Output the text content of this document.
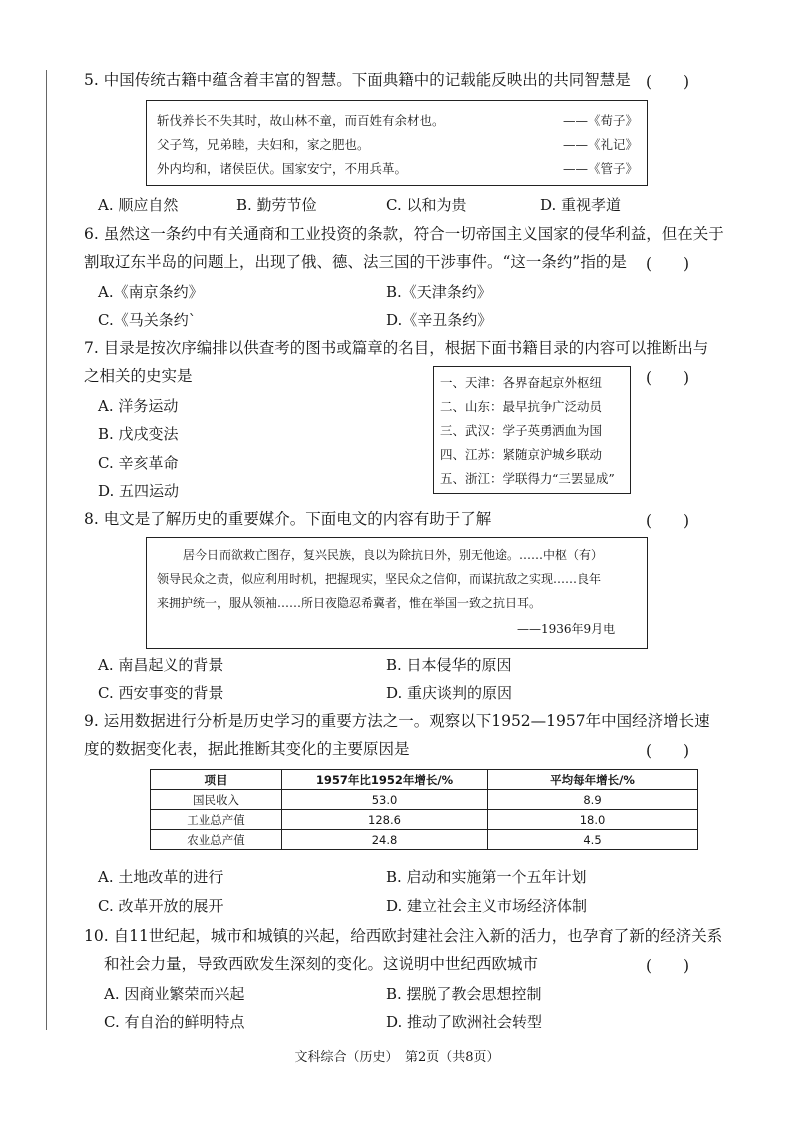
5. 中国传统古籍中蕴含着丰富的智慧。下面典籍中的记载能反映出的共同智慧是 (　　)
斩伐养长不失其时，故山林不童，而百姓有余材也。	——《荀子》
父子笃，兄弟睦，夫妇和，家之肥也。	——《礼记》
外内均和，诸侯臣伏。国家安宁，不用兵革。	——《管子》
A. 顺应自然	B. 勤劳节俭	C. 以和为贵	D. 重视孝道
6. 虽然这一条约中有关通商和工业投资的条款，符合一切帝国主义国家的侵华利益，但在关于
割取辽东半岛的问题上，出现了俄、德、法三国的干涉事件。“这一条约”指的是 (　　)
A.《南京条约》	B.《天津条约》
C.《马关条约`	D.《辛丑条约》
7. 目录是按次序编排以供查考的图书或篇章的名目，根据下面书籍目录的内容可以推断出与
之相关的史实是	(　　)
一、天津：各界奋起京外枢纽
二、山东：最早抗争广泛动员
三、武汉：学子英勇洒血为国
四、江苏：紧随京沪城乡联动
五、浙江：学联得力“三罢显成”
A. 洋务运动
B. 戊戌变法
C. 辛亥革命
D. 五四运动
8. 电文是了解历史的重要媒介。下面电文的内容有助于了解	(　　)
居今日而欲救亡图存，复兴民族，良以为除抗日外，别无他途。……中枢（有）
领导民众之责，似应利用时机，把握现实，坚民众之信仰，而谋抗敌之实现……良年
来拥护统一，服从领袖……所日夜隐忍希冀者，惟在举国一致之抗日耳。
——1936年9月电
A. 南昌起义的背景	B. 日本侵华的原因
C. 西安事变的背景	D. 重庆谈判的原因
9. 运用数据进行分析是历史学习的重要方法之一。观察以下1952—1957年中国经济增长速
度的数据变化表，据此推断其变化的主要原因是	(　　)
项目	1957年比1952年增长/%	平均每年增长/%
国民收入	53.0	8.9
工业总产值	128.6	18.0
农业总产值	24.8	4.5
A. 土地改革的进行	B. 启动和实施第一个五年计划
C. 改革开放的展开	D. 建立社会主义市场经济体制
10. 自11世纪起，城市和城镇的兴起，给西欧封建社会注入新的活力，也孕育了新的经济关系
和社会力量，导致西欧发生深刻的变化。这说明中世纪西欧城市	(　　)
A. 因商业繁荣而兴起	B. 摆脱了教会思想控制
C. 有自治的鲜明特点	D. 推动了欧洲社会转型
文科综合（历史）　第2页（共8页）
